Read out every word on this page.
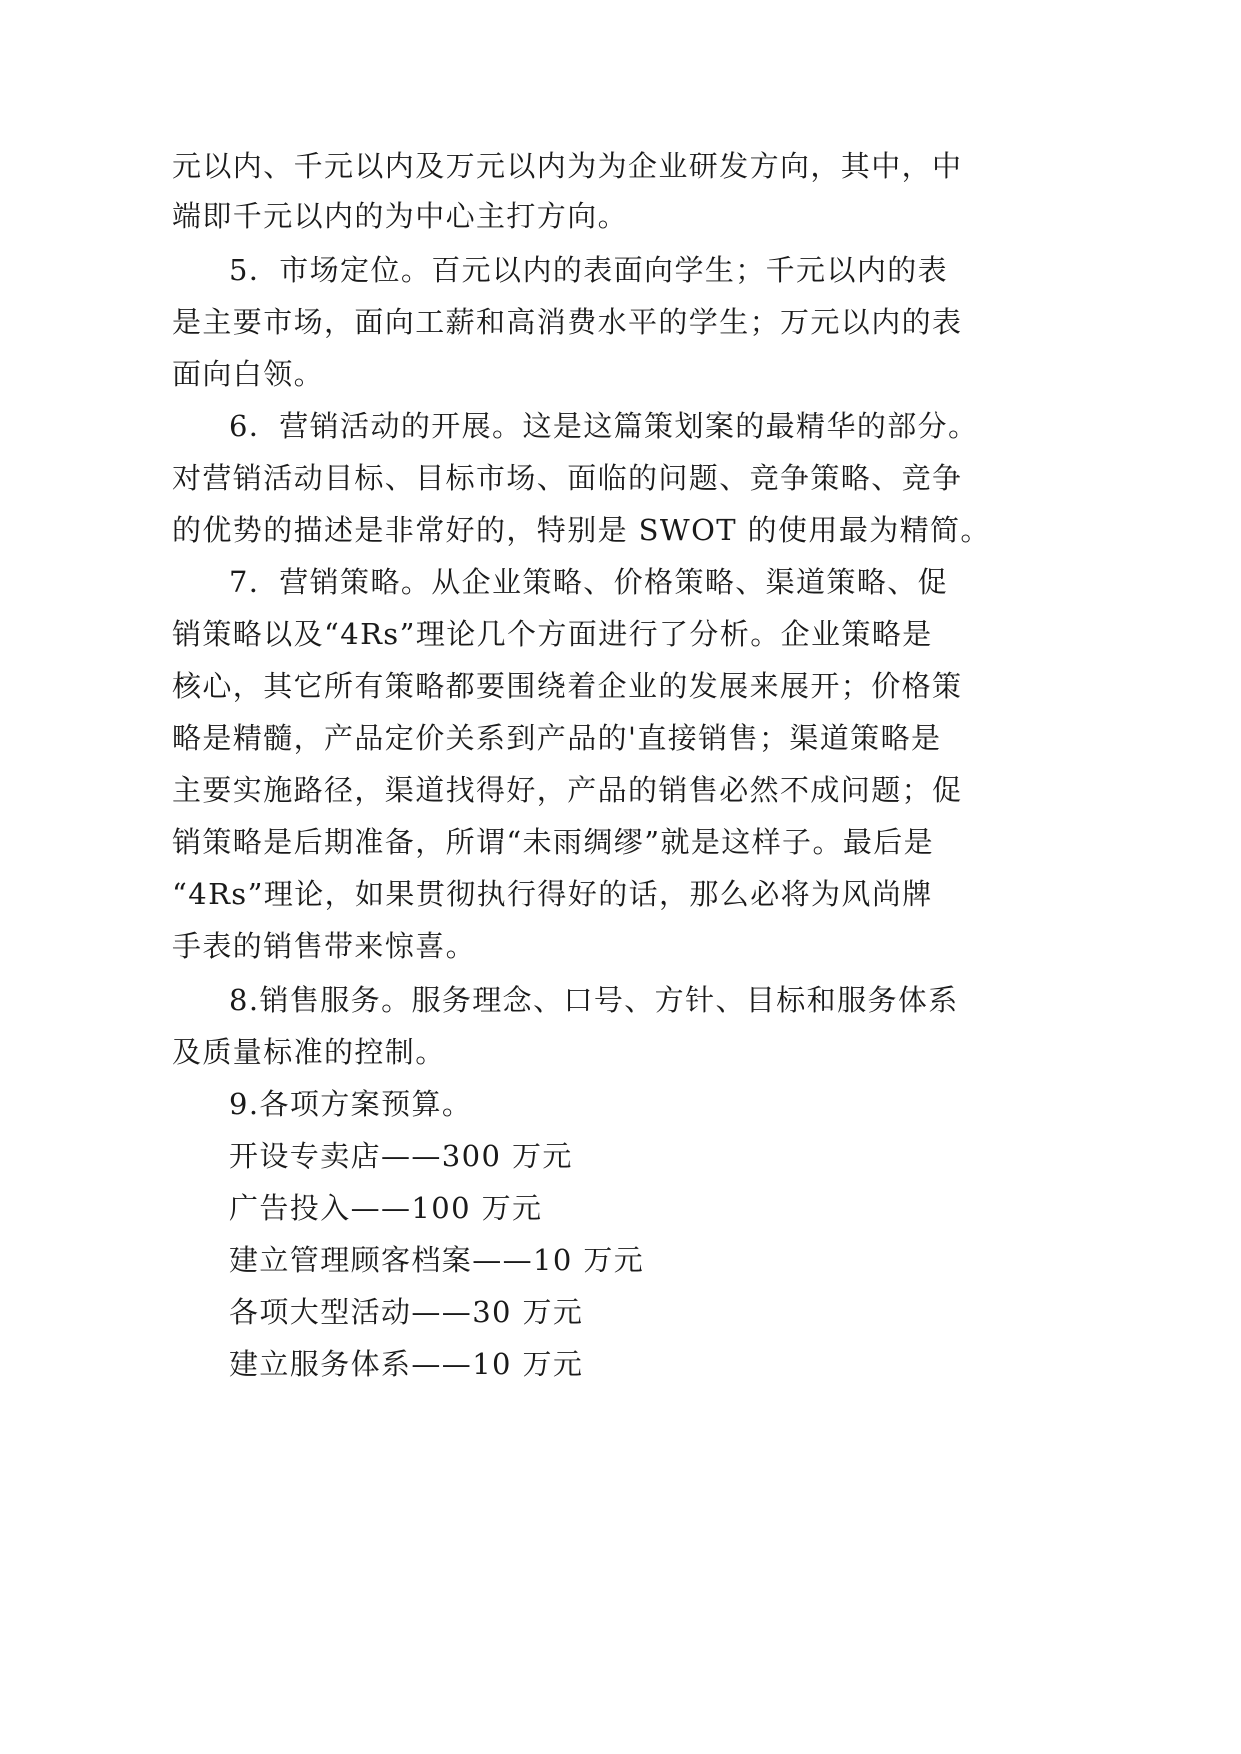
元以内、千元以内及万元以内为为企业研发方向，其中，中
端即千元以内的为中心主打方向。
5．市场定位。百元以内的表面向学生；千元以内的表
是主要市场，面向工薪和高消费水平的学生；万元以内的表
面向白领。
6．营销活动的开展。这是这篇策划案的最精华的部分。
对营销活动目标、目标市场、面临的问题、竞争策略、竞争
的优势的描述是非常好的，特别是 SWOT 的使用最为精简。
7．营销策略。从企业策略、价格策略、渠道策略、促
销策略以及“4Rs”理论几个方面进行了分析。企业策略是
核心，其它所有策略都要围绕着企业的发展来展开；价格策
略是精髓，产品定价关系到产品的'直接销售；渠道策略是
主要实施路径，渠道找得好，产品的销售必然不成问题；促
销策略是后期准备，所谓“未雨绸缪”就是这样子。最后是
“4Rs”理论，如果贯彻执行得好的话，那么必将为风尚牌
手表的销售带来惊喜。
8.销售服务。服务理念、口号、方针、目标和服务体系
及质量标准的控制。
9.各项方案预算。
开设专卖店——300 万元
广告投入——100 万元
建立管理顾客档案——10 万元
各项大型活动——30 万元
建立服务体系——10 万元
